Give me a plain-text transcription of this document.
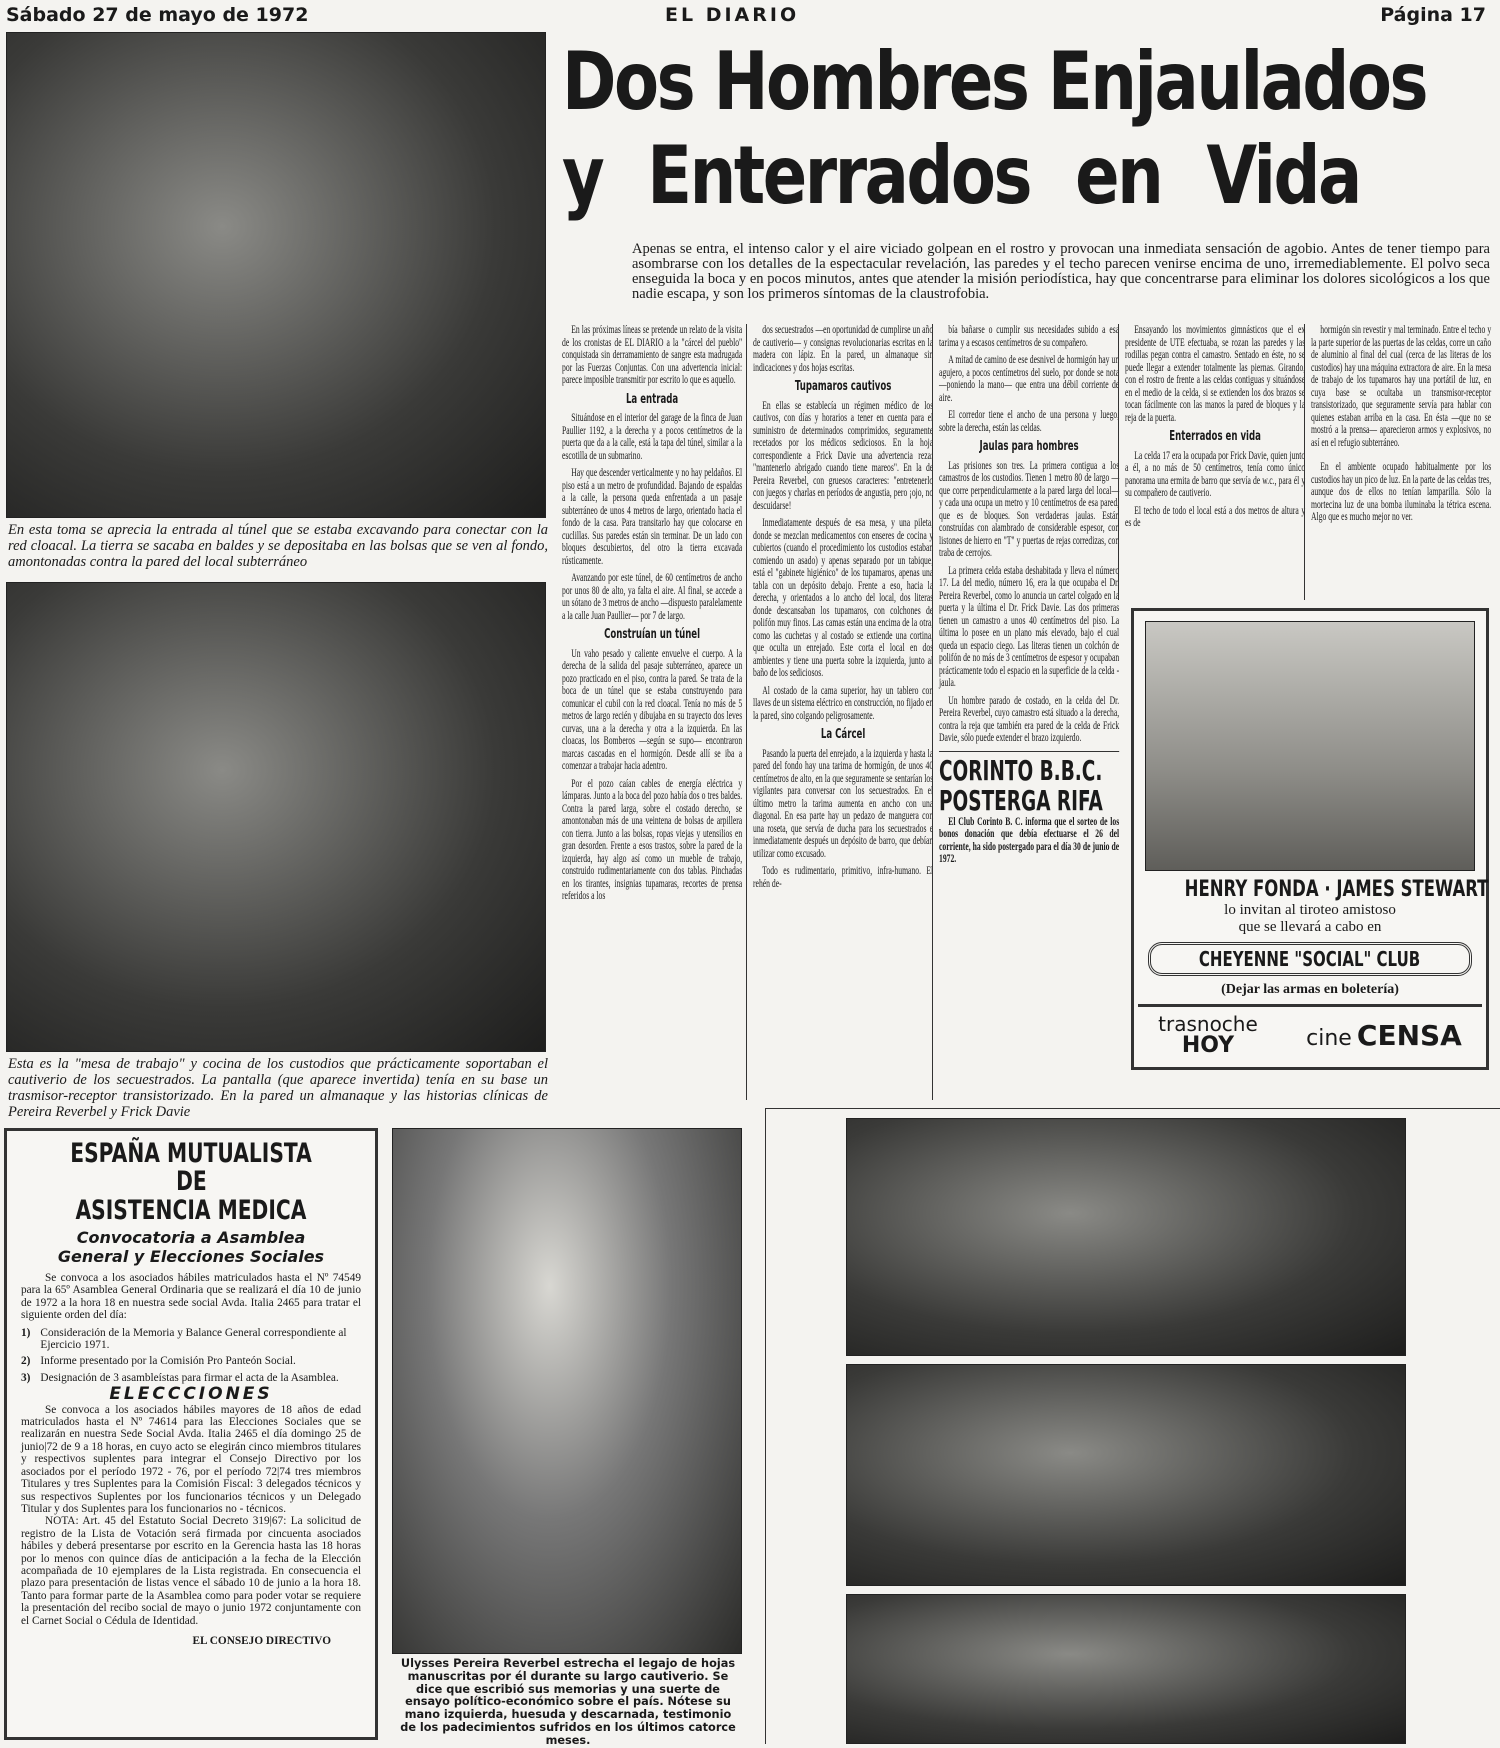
Sábado 27 de mayo de 1972	EL DIARIO	Página 17
En esta toma se aprecia la entrada al túnel que se estaba excavando para conectar con la red cloacal. La tierra se sacaba en baldes y se depositaba en las bolsas que se ven al fondo, amontonadas contra la pared del local subterráneo
Esta es la "mesa de trabajo" y cocina de los custodios que prácticamente soportaban el cautiverio de los secuestrados. La pantalla (que aparece invertida) tenía en su base un trasmisor-receptor transistorizado. En la pared un almanaque y las historias clínicas de Pereira Reverbel y Frick Davie
Dos Hombres Enjaulados
y Enterrados en Vida
Apenas se entra, el intenso calor y el aire viciado golpean en el rostro y provocan una inmediata sensación de agobio. Antes de tener tiempo para asombrarse con los detalles de la espectacular revelación, las paredes y el techo parecen venirse encima de uno, irremediablemente. El polvo seca enseguida la boca y en pocos minutos, antes que atender la misión periodística, hay que concentrarse para eliminar los dolores sicológicos a los que nadie escapa, y son los primeros síntomas de la claustrofobia.

En las próximas líneas se pretende un relato de la visita de los cronistas de EL DIARIO a la "cárcel del pueblo" conquistada sin derramamiento de sangre esta madrugada por las Fuerzas Conjuntas. Con una advertencia inicial: parece imposible transmitir por escrito lo que es aquello.

La entrada

Situándose en el interior del garage de la finca de Juan Paullier 1192, a la derecha y a pocos centímetros de la puerta que da a la calle, está la tapa del túnel, similar a la escotilla de un submarino.

Hay que descender verticalmente y no hay peldaños. El piso está a un metro de profundidad. Bajando de espaldas a la calle, la persona queda enfrentada a un pasaje subterráneo de unos 4 metros de largo, orientado hacia el fondo de la casa. Para transitarlo hay que colocarse en cuclillas. Sus paredes están sin terminar. De un lado con bloques descubiertos, del otro la tierra excavada rústicamente.

Avanzando por este túnel, de 60 centímetros de ancho por unos 80 de alto, ya falta el aire. Al final, se accede a un sótano de 3 metros de ancho —dispuesto paralelamente a la calle Juan Paullier— por 7 de largo.

Construían un túnel

Un vaho pesado y caliente envuelve el cuerpo. A la derecha de la salida del pasaje subterráneo, aparece un pozo practicado en el piso, contra la pared. Se trata de la boca de un túnel que se estaba construyendo para comunicar el cubil con la red cloacal. Tenía no más de 5 metros de largo recién y dibujaba en su trayecto dos leves curvas, una a la derecha y otra a la izquierda. En las cloacas, los Bomberos —según se supo— encontraron marcas cascadas en el hormigón. Desde allí se iba a comenzar a trabajar hacia adentro.

Por el pozo caían cables de energía eléctrica y lámparas. Junto a la boca del pozo había dos o tres baldes. Contra la pared larga, sobre el costado derecho, se amontonaban más de una veintena de bolsas de arpillera con tierra. Junto a las bolsas, ropas viejas y utensilios en gran desorden. Frente a esos trastos, sobre la pared de la izquierda, hay algo así como un mueble de trabajo, construido rudimentariamente con dos tablas. Pinchadas en los tirantes, insignias tupamaras, recortes de prensa referidos a los

dos secuestrados —en oportunidad de cumplirse un año de cautiverio— y consignas revolucionarias escritas en la madera con lápiz. En la pared, un almanaque sin indicaciones y dos hojas escritas.

Tupamaros cautivos

En ellas se establecía un régimen médico de los cautivos, con días y horarios a tener en cuenta para el suministro de determinados comprimidos, seguramente recetados por los médicos sediciosos. En la hoja correspondiente a Frick Davie una advertencia reza: "mantenerlo abrigado cuando tiene mareos". En la de Pereira Reverbel, con gruesos caracteres: "entretenerlo con juegos y charlas en períodos de angustia, pero ¡ojo, no descuidarse!

Inmediatamente después de esa mesa, y una pileta, donde se mezclan medicamentos con enseres de cocina y cubiertos (cuando el procedimiento los custodios estaban comiendo un asado) y apenas separado por un tabique, está el "gabinete higiénico" de los tupamaros, apenas una tabla con un depósito debajo. Frente a eso, hacia la derecha, y orientados a lo ancho del local, dos literas donde descansaban los tupamaros, con colchones de polifón muy finos. Las camas están una encima de la otra, como las cuchetas y al costado se extiende una cortina, que oculta un enrejado. Este corta el local en dos ambientes y tiene una puerta sobre la izquierda, junto al baño de los sediciosos.

Al costado de la cama superior, hay un tablero con llaves de un sistema eléctrico en construcción, no fijado en la pared, sino colgando peligrosamente.

La Cárcel

Pasando la puerta del enrejado, a la izquierda y hasta la pared del fondo hay una tarima de hormigón, de unos 40 centímetros de alto, en la que seguramente se sentarían los vigilantes para conversar con los secuestrados. En el último metro la tarima aumenta en ancho con una diagonal. En esa parte hay un pedazo de manguera con una roseta, que servía de ducha para los secuestrados e inmediatamente después un depósito de barro, que debían utilizar como excusado.

Todo es rudimentario, primitivo, infra-humano. El rehén de-

bía bañarse o cumplir sus necesidades subido a esa tarima y a escasos centímetros de su compañero.

A mitad de camino de ese desnivel de hormigón hay un agujero, a pocos centímetros del suelo, por donde se nota —poniendo la mano— que entra una débil corriente de aire.

El corredor tiene el ancho de una persona y luego, sobre la derecha, están las celdas.

Jaulas para hombres

Las prisiones son tres. La primera contigua a los camastros de los custodios. Tienen 1 metro 80 de largo —que corre perpendicularmente a la pared larga del local— y cada una ocupa un metro y 10 centímetros de esa pared, que es de bloques. Son verdaderas jaulas. Están construídas con alambrado de considerable espesor, con listones de hierro en "T" y puertas de rejas corredizas, con traba de cerrojos.

La primera celda estaba deshabitada y lleva el número 17. La del medio, número 16, era la que ocupaba el Dr. Pereira Reverbel, como lo anuncia un cartel colgado en la puerta y la última el Dr. Frick Davie. Las dos primeras tienen un camastro a unos 40 centímetros del piso. La última lo posee en un plano más elevado, bajo el cual queda un espacio ciego. Las literas tienen un colchón de polifón de no más de 3 centímetros de espesor y ocupaban prácticamente todo el espacio en la superficie de la celda - jaula.

Un hombre parado de costado, en la celda del Dr. Pereira Reverbel, cuyo camastro está situado a la derecha, contra la reja que también era pared de la celda de Frick Davie, sólo puede extender el brazo izquierdo.

CORINTO B.B.C.
POSTERGA RIFA

El Club Corinto B. C. informa que el sorteo de los bonos donación que debía efectuarse el 26 del corriente, ha sido postergado para el día 30 de junio de 1972.

Ensayando los movimientos gimnásticos que el ex presidente de UTE efectuaba, se rozan las paredes y las rodillas pegan contra el camastro. Sentado en éste, no se puede llegar a extender totalmente las piernas. Girando, con el rostro de frente a las celdas contiguas y situándose en el medio de la celda, si se extienden los dos brazos se tocan fácilmente con las manos la pared de bloques y la reja de la puerta.

Enterrados en vida

La celda 17 era la ocupada por Frick Davie, quien junto a él, a no más de 50 centímetros, tenía como único panorama una ermita de barro que servía de w.c., para él y su compañero de cautiverio.

El techo de todo el local está a dos metros de altura y es de

hormigón sin revestir y mal terminado. Entre el techo y la parte superior de las puertas de las celdas, corre un caño de aluminio al final del cual (cerca de las literas de los custodios) hay una máquina extractora de aire. En la mesa de trabajo de los tupamaros hay una portátil de luz, en cuya base se ocultaba un transmisor-receptor transistorizado, que seguramente servía para hablar con quienes estaban arriba en la casa. En ésta —que no se mostró a la prensa— aparecieron armos y explosivos, no así en el refugio subterráneo.

En el ambiente ocupado habitualmente por los custodios hay un pico de luz. En la parte de las celdas tres, aunque dos de ellos no tenían lamparilla. Sólo la mortecina luz de una bomba iluminaba la tétrica escena. Algo que es mucho mejor no ver.

HENRY FONDA · JAMES STEWART
lo invitan al tiroteo amistoso
que se llevará a cabo en
CHEYENNE "SOCIAL" CLUB
(Dejar las armas en boletería)
trasnoche
HOY	cine CENSA
ESPAÑA MUTUALISTA
DE
ASISTENCIA MEDICA
Convocatoria a Asamblea
General y Elecciones Sociales

Se convoca a los asociados hábiles matriculados hasta el Nº 74549 para la 65º Asamblea General Ordinaria que se realizará el día 10 de junio de 1972 a la hora 18 en nuestra sede social Avda. Italia 2465 para tratar el siguiente orden del día:

1) Consideración de la Memoria y Balance General correspondiente al Ejercicio 1971.
2) Informe presentado por la Comisión Pro Panteón Social.
3) Designación de 3 asambleístas para firmar el acta de la Asamblea.
ELECCCIONES

Se convoca a los asociados hábiles mayores de 18 años de edad matriculados hasta el Nº 74614 para las Elecciones Sociales que se realizarán en nuestra Sede Social Avda. Italia 2465 el día domingo 25 de junio|72 de 9 a 18 horas, en cuyo acto se elegirán cinco miembros titulares y respectivos suplentes para integrar el Consejo Directivo por los asociados por el período 1972 - 76, por el período 72|74 tres miembros Titulares y tres Suplentes para la Comisión Fiscal: 3 delegados técnicos y sus respectivos Suplentes por los funcionarios técnicos y un Delegado Titular y dos Suplentes para los funcionarios no - técnicos.

NOTA: Art. 45 del Estatuto Social Decreto 319|67: La solicitud de registro de la Lista de Votación será firmada por cincuenta asociados hábiles y deberá presentarse por escrito en la Gerencia hasta las 18 horas por lo menos con quince días de anticipación a la fecha de la Elección acompañada de 10 ejemplares de la Lista registrada. En consecuencia el plazo para presentación de listas vence el sábado 10 de junio a la hora 18. Tanto para formar parte de la Asamblea como para poder votar se requiere la presentación del recibo social de mayo o junio 1972 conjuntamente con el Carnet Social o Cédula de Identidad.

EL CONSEJO DIRECTIVO
Ulysses Pereira Reverbel estrecha el legajo de hojas manuscritas por él durante su largo cautiverio. Se dice que escribió sus memorias y una suerte de ensayo político-económico sobre el país. Nótese su mano izquierda, huesuda y descarnada, testimonio de los padecimientos sufridos en los últimos catorce meses.
